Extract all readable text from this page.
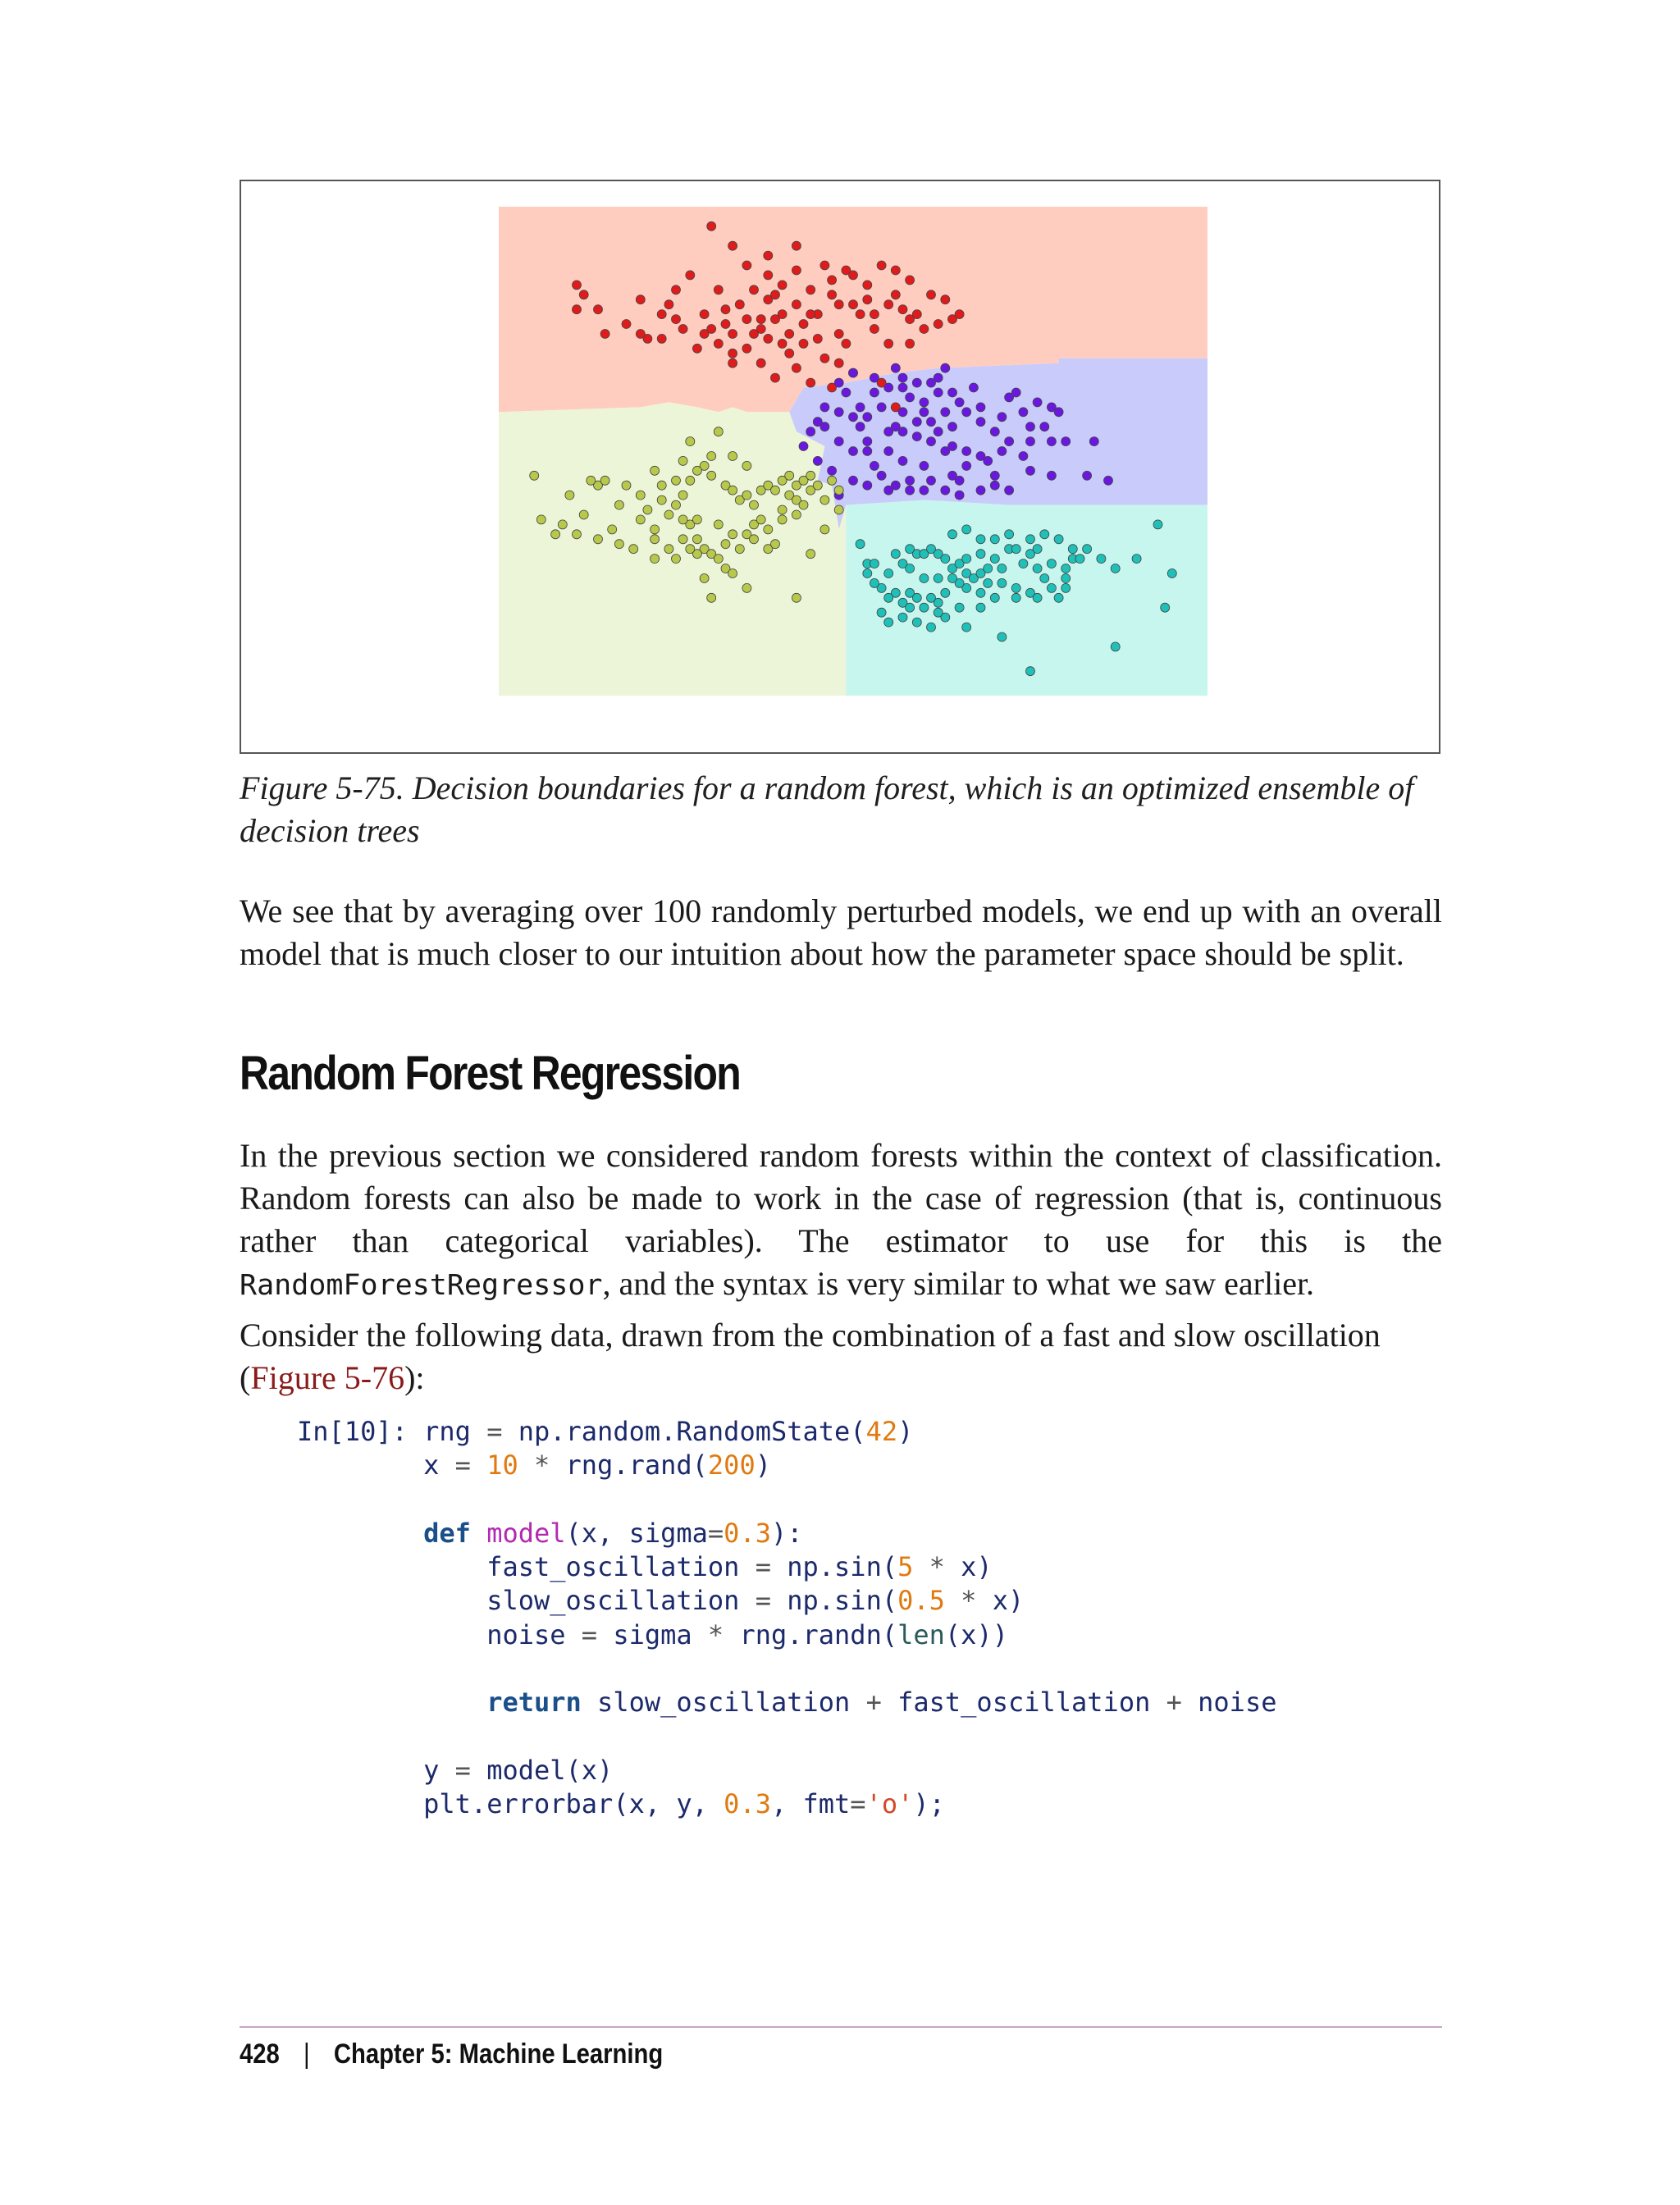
Figure 5-75. Decision boundaries for a random forest, which is an optimized ensemble of decision trees
We see that by averaging over 100 randomly perturbed models, we end up with an overall model that is much closer to our intuition about how the parameter space should be split.
Random Forest Regression
In the previous section we considered random forests within the context of classification. Random forests can also be made to work in the case of regression (that is, continuous rather than categorical variables). The estimator to use for this is the RandomForestRegressor, and the syntax is very similar to what we saw earlier.
Consider the following data, drawn from the combination of a fast and slow oscillation (Figure 5-76):
In[10]: rng = np.random.RandomState(42)
x = 10 * rng.rand(200)

def model(x, sigma=0.3):
fast_oscillation = np.sin(5 * x)
slow_oscillation = np.sin(0.5 * x)
noise = sigma * rng.randn(len(x))

return slow_oscillation + fast_oscillation + noise

y = model(x)
plt.errorbar(x, y, 0.3, fmt='o');
428 | Chapter 5: Machine Learning
